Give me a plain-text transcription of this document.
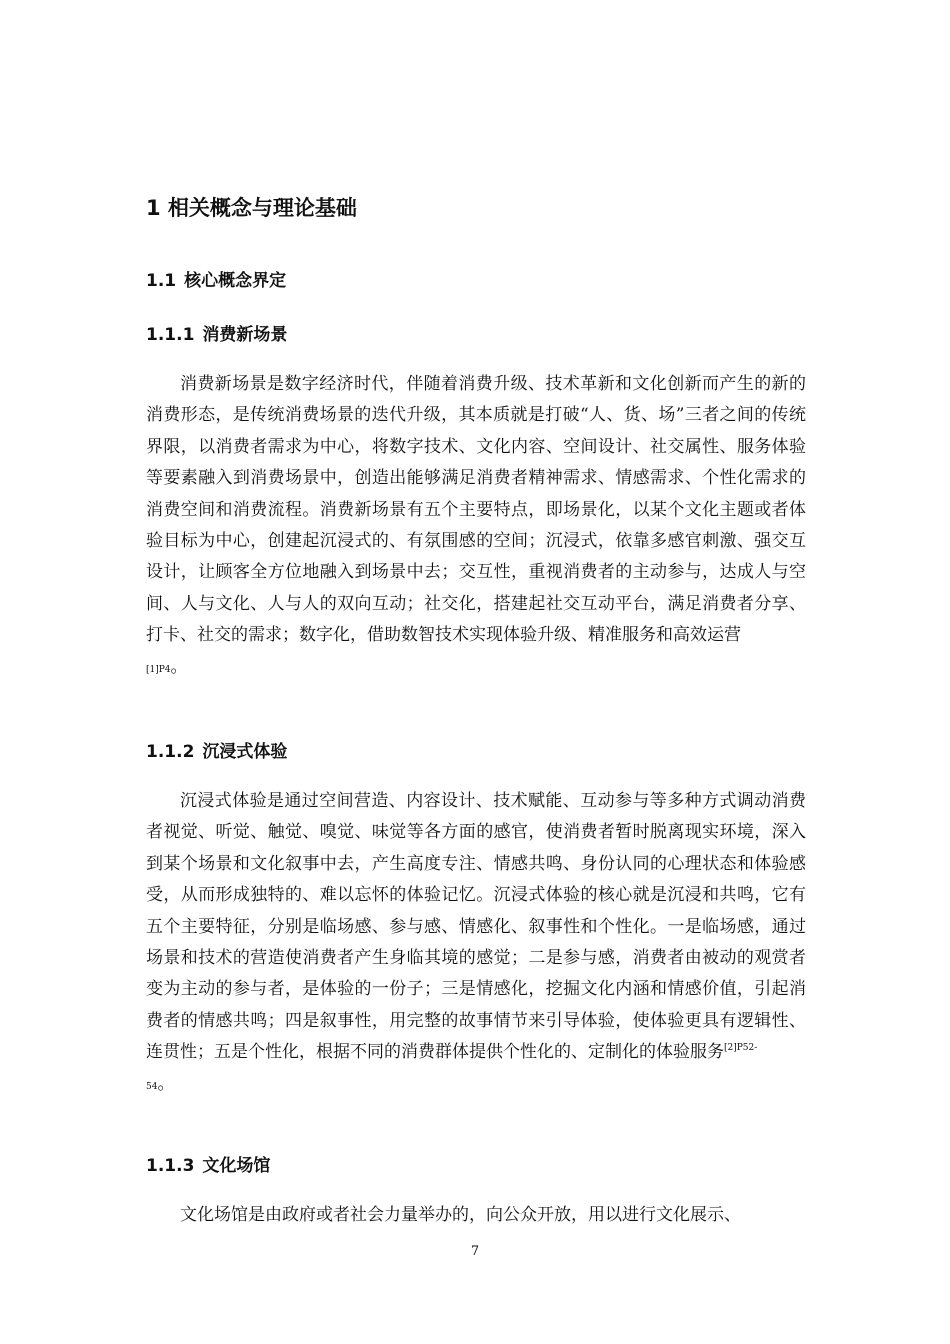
1 相关概念与理论基础
1.1 核心概念界定
1.1.1 消费新场景

消费新场景是数字经济时代，伴随着消费升级、技术革新和文化创新而产生的新的消费形态，是传统消费场景的迭代升级，其本质就是打破“人、货、场”三者之间的传统界限，以消费者需求为中心，将数字技术、文化内容、空间设计、社交属性、服务体验等要素融入到消费场景中，创造出能够满足消费者精神需求、情感需求、个性化需求的消费空间和消费流程。消费新场景有五个主要特点，即场景化，以某个文化主题或者体验目标为中心，创建起沉浸式的、有氛围感的空间；沉浸式，依靠多感官刺激、强交互设计，让顾客全方位地融入到场景中去；交互性，重视消费者的主动参与，达成人与空间、人与文化、人与人的双向互动；社交化，搭建起社交互动平台，满足消费者分享、打卡、社交的需求；数字化，借助数智技术实现体验升级、精准服务和高效运营
[1]P4。

1.1.2 沉浸式体验

沉浸式体验是通过空间营造、内容设计、技术赋能、互动参与等多种方式调动消费者视觉、听觉、触觉、嗅觉、味觉等各方面的感官，使消费者暂时脱离现实环境，深入到某个场景和文化叙事中去，产生高度专注、情感共鸣、身份认同的心理状态和体验感受，从而形成独特的、难以忘怀的体验记忆。沉浸式体验的核心就是沉浸和共鸣，它有五个主要特征，分别是临场感、参与感、情感化、叙事性和个性化。一是临场感，通过场景和技术的营造使消费者产生身临其境的感觉；二是参与感，消费者由被动的观赏者变为主动的参与者，是体验的一份子；三是情感化，挖掘文化内涵和情感价值，引起消费者的情感共鸣；四是叙事性，用完整的故事情节来引导体验，使体验更具有逻辑性、连贯性；五是个性化，根据不同的消费群体提供个性化的、定制化的体验服务$^{[2]P52-}$
54。

1.1.3 文化场馆

文化场馆是由政府或者社会力量举办的，向公众开放，用以进行文化展示、

7
